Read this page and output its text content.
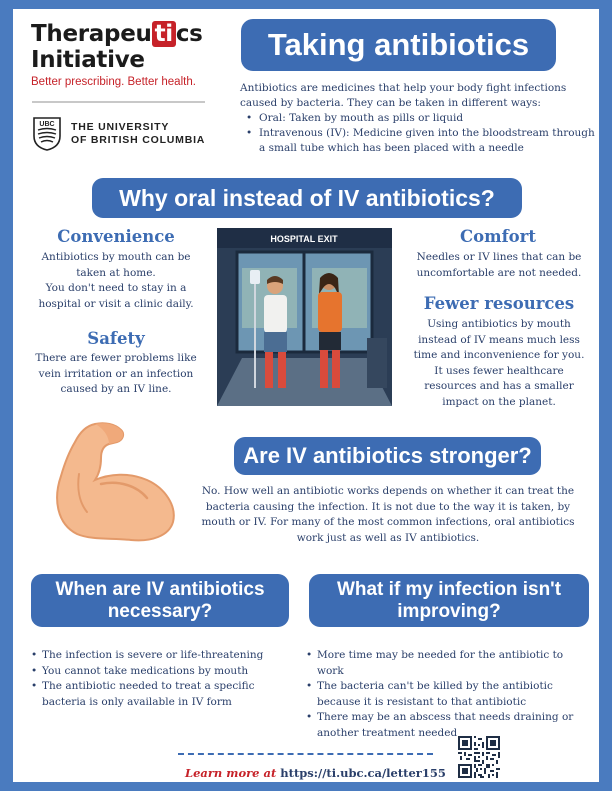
Therapeu ti cs
Initiative
Better prescribing. Better health.
UBC THE UNIVERSITY
OF BRITISH COLUMBIA
Taking antibiotics

Antibiotics are medicines that help your body fight infections caused by bacteria. They can be taken in different ways:

• Oral: Taken by mouth as pills or liquid
• Intravenous (IV): Medicine given into the bloodstream through a small tube which has been placed with a needle
Why oral instead of IV antibiotics?
Convenience

Antibiotics by mouth can be taken at home.

You don't need to stay in a hospital or visit a clinic daily.

Safety
There are fewer problems like vein irritation or an infection caused by an IV line.
HOSPITAL EXIT	Comfort
Needles or IV lines that can be uncomfortable are not needed.
Fewer resources
Using antibiotics by mouth instead of IV means much less time and inconvenience for you. It uses fewer healthcare resources and has a smaller impact on the planet.
Are IV antibiotics stronger?
No. How well an antibiotic works depends on whether it can treat the bacteria causing the infection. It is not due to the way it is taken, by mouth or IV. For many of the most common infections, oral antibiotics work just as well as IV antibiotics.
When are IV antibiotics necessary?
• The infection is severe or life-threatening
• You cannot take medications by mouth
• The antibiotic needed to treat a specific bacteria is only available in IV form
What if my infection isn't improving?
• More time may be needed for the antibiotic to work
• The bacteria can't be killed by the antibiotic because it is resistant to that antibiotic
• There may be an abscess that needs draining or another treatment needed
Learn more at https://ti.ubc.ca/letter155
